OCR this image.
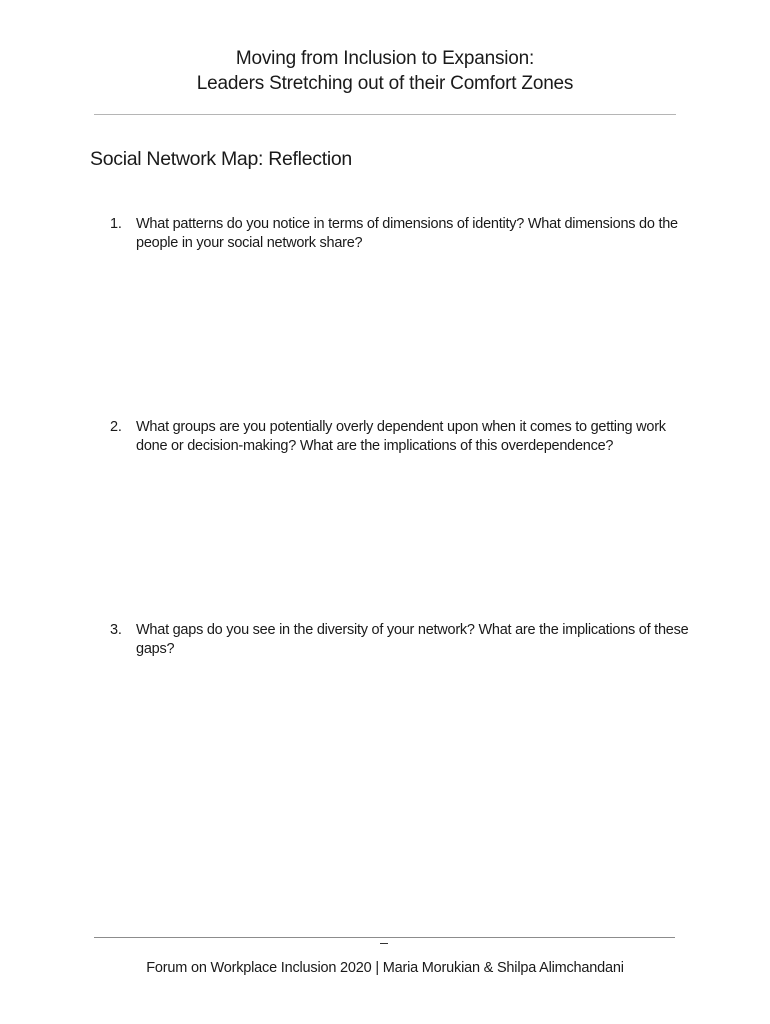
Moving from Inclusion to Expansion:
Leaders Stretching out of their Comfort Zones
Social Network Map: Reflection
1. What patterns do you notice in terms of dimensions of identity? What dimensions do the people in your social network share?
2. What groups are you potentially overly dependent upon when it comes to getting work done or decision-making? What are the implications of this overdependence?
3. What gaps do you see in the diversity of your network? What are the implications of these gaps?
Forum on Workplace Inclusion 2020 | Maria Morukian & Shilpa Alimchandani
